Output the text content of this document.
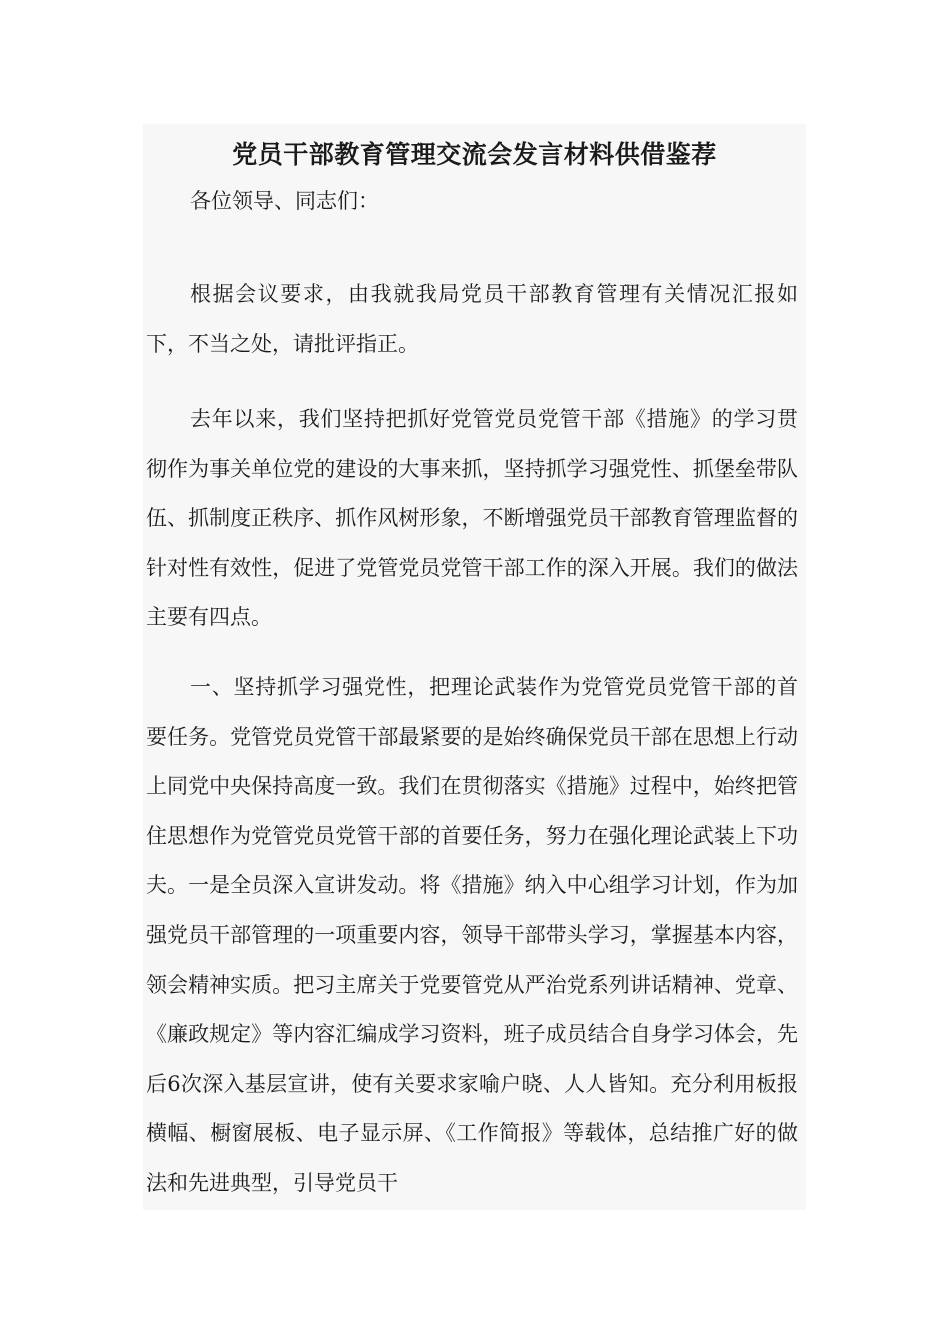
党员干部教育管理交流会发言材料供借鉴荐

各位领导、同志们：

根据会议要求，由我就我局党员干部教育管理有关情况汇报如下，不当之处，请批评指正。

去年以来，我们坚持把抓好党管党员党管干部《措施》的学习贯彻作为事关单位党的建设的大事来抓，坚持抓学习强党性、抓堡垒带队伍、抓制度正秩序、抓作风树形象，不断增强党员干部教育管理监督的针对性有效性，促进了党管党员党管干部工作的深入开展。我们的做法主要有四点。

一、坚持抓学习强党性，把理论武装作为党管党员党管干部的首要任务。党管党员党管干部最紧要的是始终确保党员干部在思想上行动上同党中央保持高度一致。我们在贯彻落实《措施》过程中，始终把管住思想作为党管党员党管干部的首要任务，努力在强化理论武装上下功夫。一是全员深入宣讲发动。将《措施》纳入中心组学习计划，作为加强党员干部管理的一项重要内容，领导干部带头学习，掌握基本内容，领会精神实质。把习主席关于党要管党从严治党系列讲话精神、党章、《廉政规定》等内容汇编成学习资料，班子成员结合自身学习体会，先后6次深入基层宣讲，使有关要求家喻户晓、人人皆知。充分利用板报横幅、橱窗展板、电子显示屏、《工作简报》等载体，总结推广好的做法和先进典型，引导党员干
